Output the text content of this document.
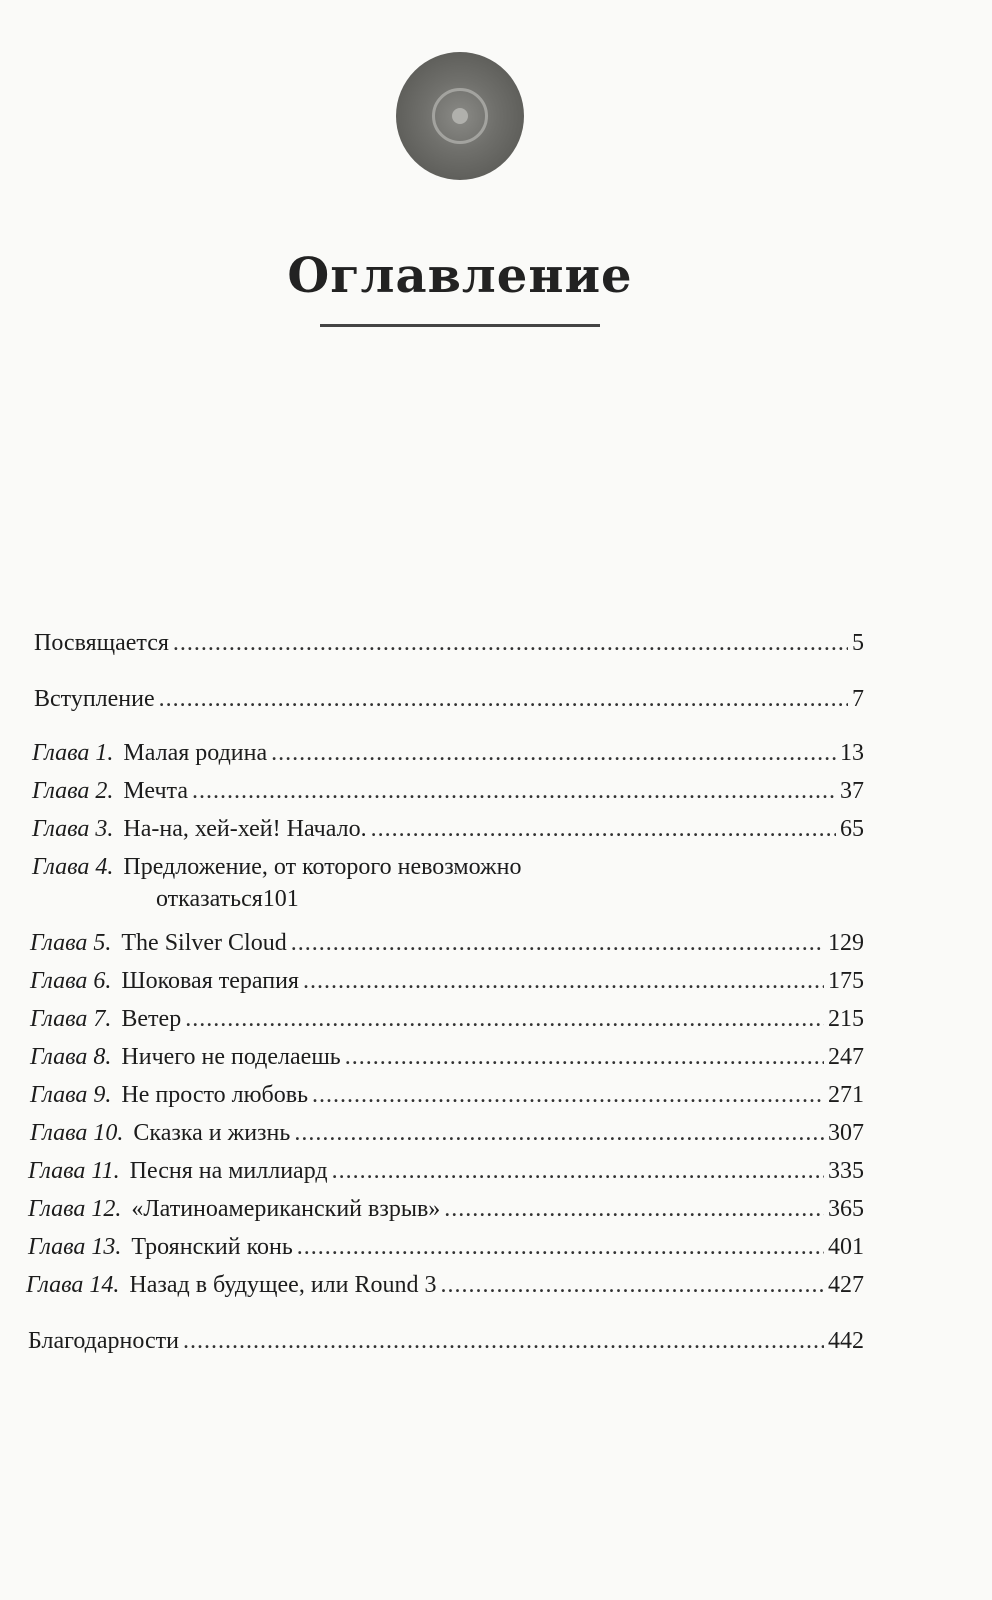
Оглавление
Посвящается .....	5
Вступление .....	7
Глава 1. Малая родина .....	13
Глава 2. Мечта .....	37
Глава 3. На-на, хей-хей! Начало. .....	65
Глава 4. Предложение, от которого невозможно
отказаться 101
Глава 5. The Silver Cloud .....	129
Глава 6. Шоковая терапия .....	175
Глава 7. Ветер .....	215
Глава 8. Ничего не поделаешь .....	247
Глава 9. Не просто любовь .....	271
Глава 10. Сказка и жизнь .....	307
Глава 11. Песня на миллиард .....	335
Глава 12. «Латиноамериканский взрыв» .....	365
Глава 13. Троянский конь .....	401
Глава 14. Назад в будущее, или Round 3 .....	427
Благодарности .....	442
